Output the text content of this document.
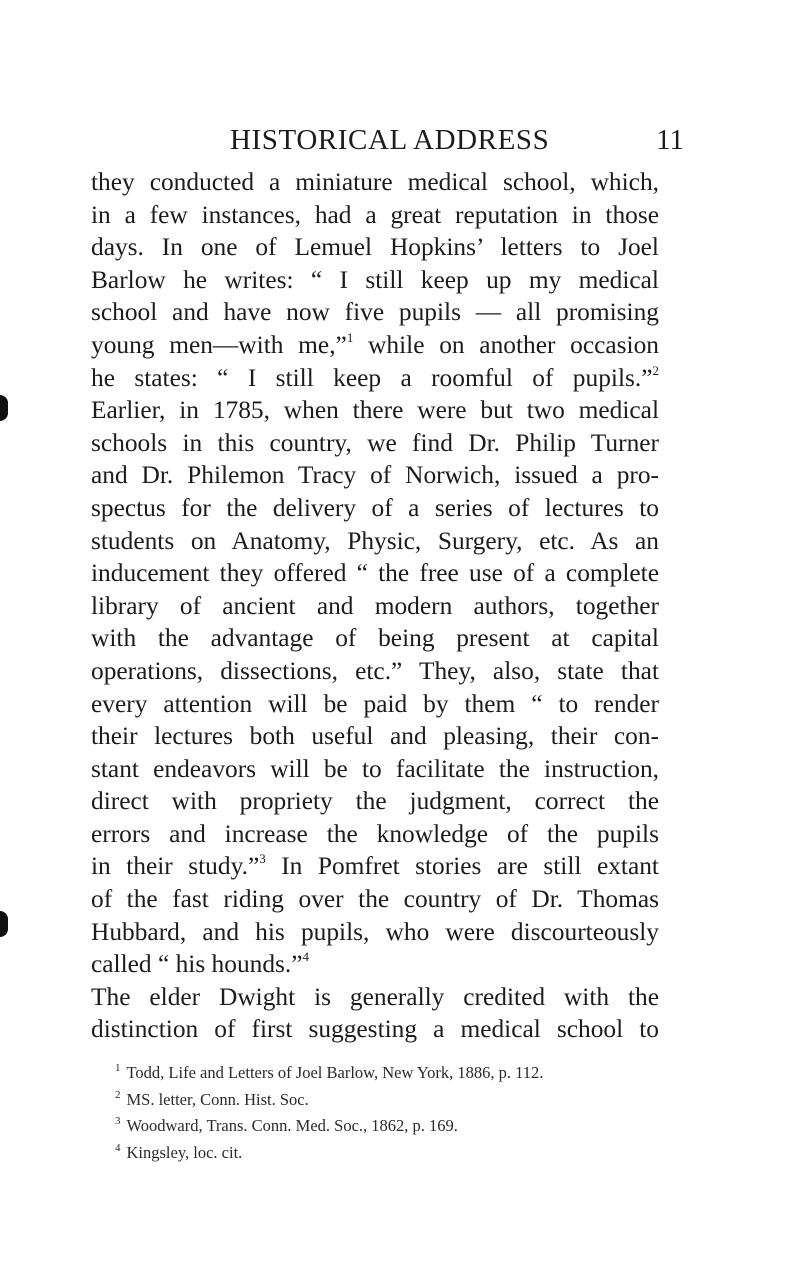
HISTORICAL ADDRESS	11
they conducted a miniature medical school, which,
in a few instances, had a great reputation in those
days. In one of Lemuel Hopkins’ letters to Joel
Barlow he writes: “ I still keep up my medical
school and have now five pupils — all promising
young men—with me,”$^1$ while on another occasion
he states: “ I still keep a roomful of pupils.”$^2$
Earlier, in 1785, when there were but two medical
schools in this country, we find Dr. Philip Turner
and Dr. Philemon Tracy of Norwich, issued a pro-
spectus for the delivery of a series of lectures to
students on Anatomy, Physic, Surgery, etc. As an
inducement they offered “ the free use of a complete
library of ancient and modern authors, together
with the advantage of being present at capital
operations, dissections, etc.” They, also, state that
every attention will be paid by them “ to render
their lectures both useful and pleasing, their con-
stant endeavors will be to facilitate the instruction,
direct with propriety the judgment, correct the
errors and increase the knowledge of the pupils
in their study.”$^3$ In Pomfret stories are still extant
of the fast riding over the country of Dr. Thomas
Hubbard, and his pupils, who were discourteously
called “ his hounds.”$^4$
The elder Dwight is generally credited with the
distinction of first suggesting a medical school to
$^1$ Todd, Life and Letters of Joel Barlow, New York, 1886, p. 112.
$^2$ MS. letter, Conn. Hist. Soc.
$^3$ Woodward, Trans. Conn. Med. Soc., 1862, p. 169.
$^4$ Kingsley, loc. cit.
